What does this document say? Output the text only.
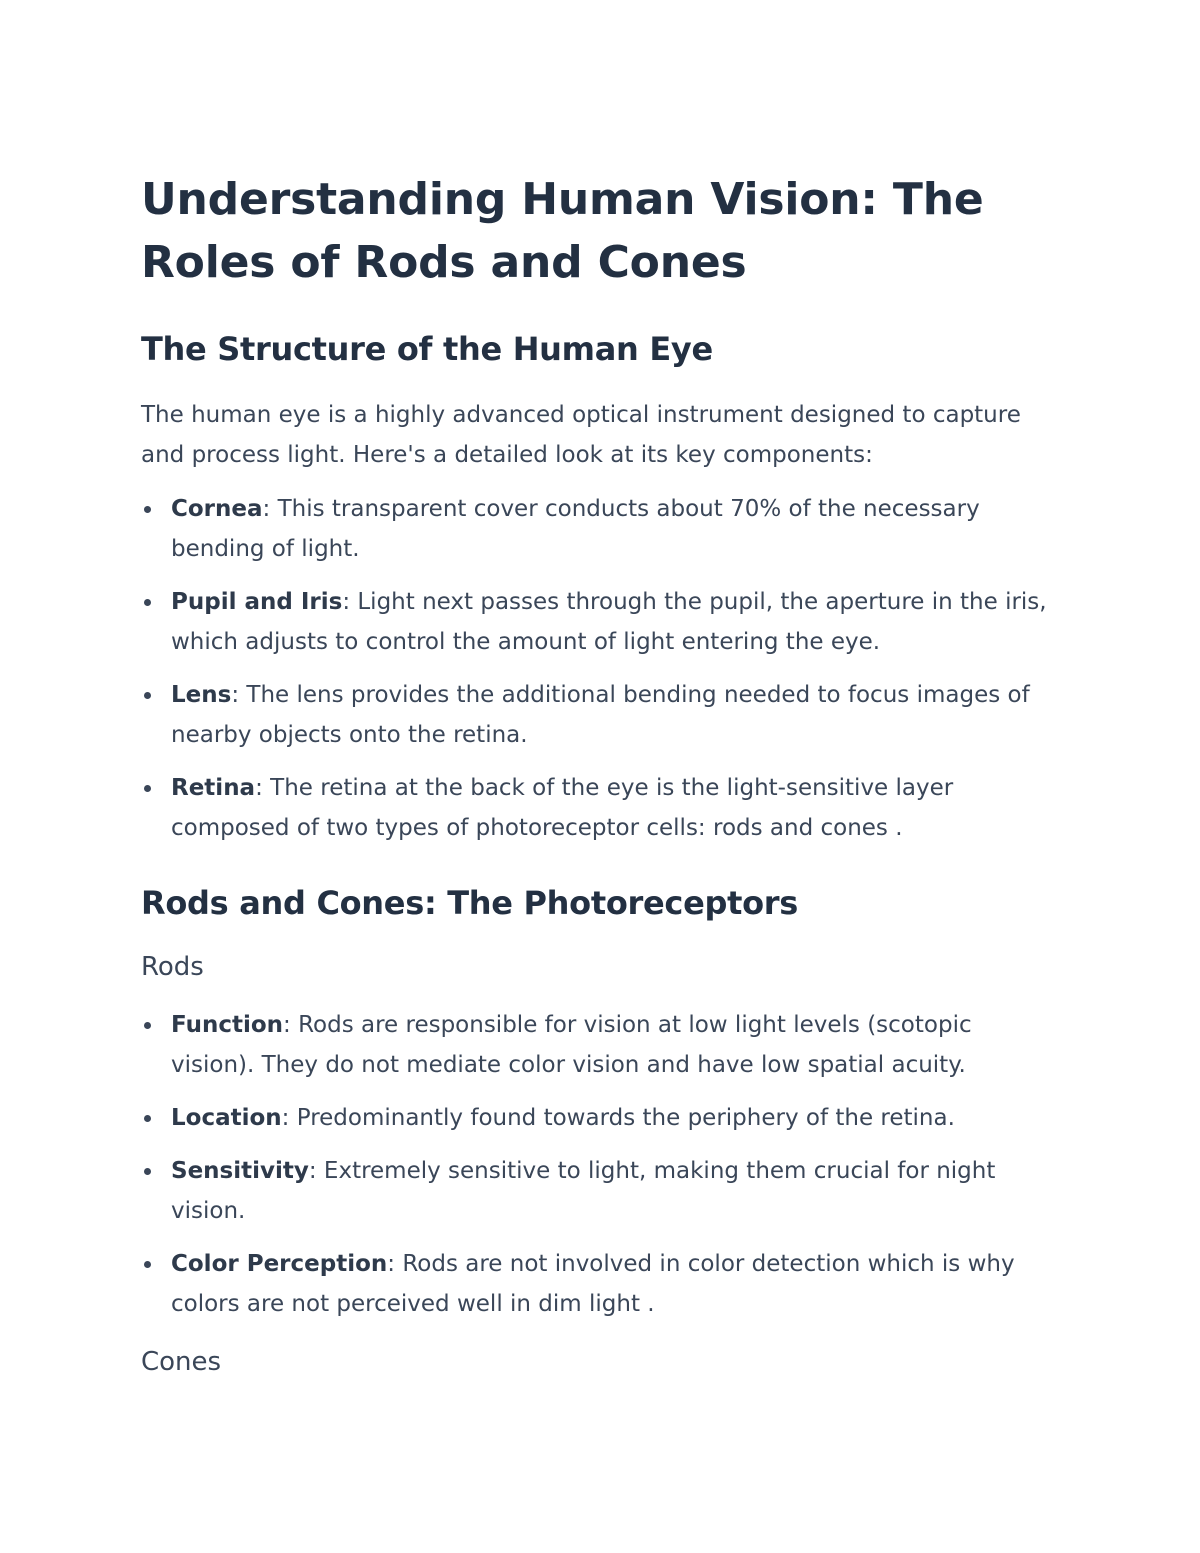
Understanding Human Vision: The Roles of Rods and Cones
The Structure of the Human Eye

The human eye is a highly advanced optical instrument designed to capture and process light. Here's a detailed look at its key components:

Cornea: This transparent cover conducts about 70% of the necessary bending of light.
Pupil and Iris: Light next passes through the pupil, the aperture in the iris, which adjusts to control the amount of light entering the eye.
Lens: The lens provides the additional bending needed to focus images of nearby objects onto the retina.
Retina: The retina at the back of the eye is the light-sensitive layer composed of two types of photoreceptor cells: rods and cones .
Rods and Cones: The Photoreceptors
Rods
Function: Rods are responsible for vision at low light levels (scotopic vision). They do not mediate color vision and have low spatial acuity.
Location: Predominantly found towards the periphery of the retina.
Sensitivity: Extremely sensitive to light, making them crucial for night vision.
Color Perception: Rods are not involved in color detection which is why colors are not perceived well in dim light .
Cones
